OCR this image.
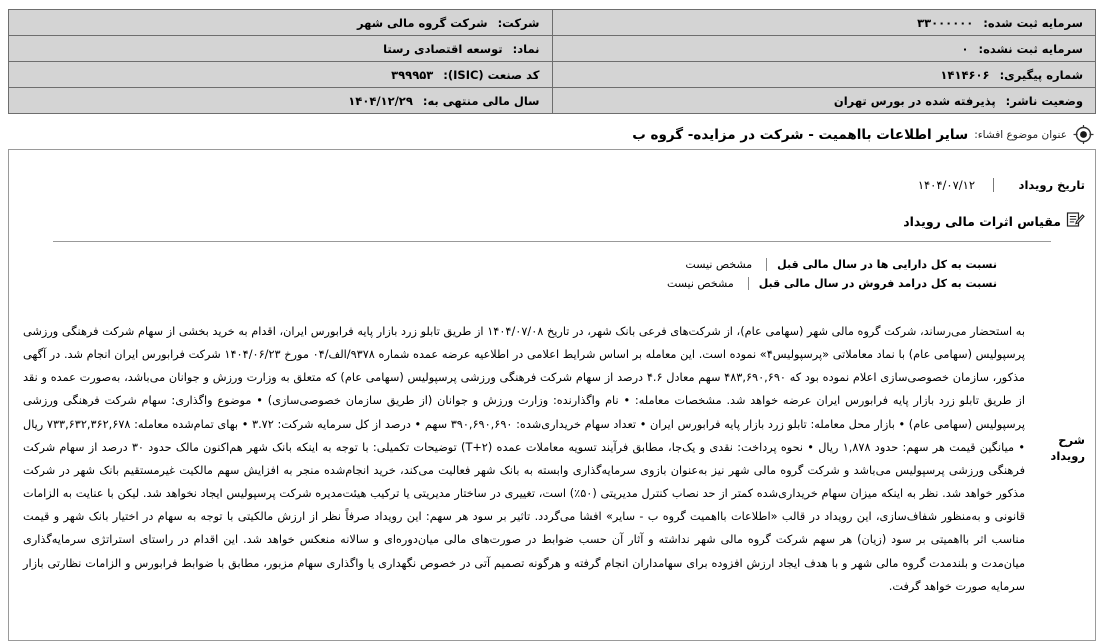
سرمایه ثبت شده: ۳۳۰۰۰۰۰۰	شرکت: شرکت گروه مالی شهر
سرمایه ثبت نشده: ۰	نماد: توسعه اقتصادی رستا
شماره پیگیری: ۱۴۱۴۶۰۶	کد صنعت (ISIC): ۳۹۹۹۵۳
وضعیت ناشر: پذیرفته شده در بورس تهران	سال مالی منتهی به: ۱۴۰۴/۱۲/۲۹
عنوان موضوع افشاء:
سایر اطلاعات بااهمیت - شرکت در مزایده- گروه ب
تاریخ رویداد
۱۴۰۴/۰۷/۱۲
مقیاس اثرات مالی رویداد
نسبت به کل دارایی ها در سال مالی قبل
مشخص نیست
نسبت به کل درامد فروش در سال مالی قبل
مشخص نیست
شرح رویداد

به استحضار می‌رساند، شرکت گروه مالی شهر (سهامی عام)، از شرکت‌های فرعی بانک شهر، در تاریخ ۱۴۰۴/۰۷/۰۸ از طریق تابلو زرد بازار پایه فرابورس ایران، اقدام به خرید بخشی از سهام شرکت فرهنگی ورزشی پرسپولیس (سهامی عام) با نماد معاملاتی «پرسپولیس۴» نموده است. این معامله بر اساس شرایط اعلامی در اطلاعیه عرضه عمده شماره ۹۳۷۸/الف/۰۴ مورخ ۱۴۰۴/۰۶/۲۳ شرکت فرابورس ایران انجام شد. در آگهی مذکور، سازمان خصوصی‌سازی اعلام نموده بود که ۴۸۳,۶۹۰,۶۹۰ سهم معادل ۴.۶ درصد از سهام شرکت فرهنگی ورزشی پرسپولیس (سهامی عام) که متعلق به وزارت ورزش و جوانان می‌باشد، به‌صورت عمده و نقد از طریق تابلو زرد بازار پایه فرابورس ایران عرضه خواهد شد. مشخصات معامله: • نام واگذارنده: وزارت ورزش و جوانان (از طریق سازمان خصوصی‌سازی) • موضوع واگذاری: سهام شرکت فرهنگی ورزشی پرسپولیس (سهامی عام) • بازار محل معامله: تابلو زرد بازار پایه فرابورس ایران • تعداد سهام خریداری‌شده: ۳۹۰,۶۹۰,۶۹۰ سهم • درصد از کل سرمایه شرکت: ۳.۷۲ • بهای تمام‌شده معامله: ۷۳۳,۶۳۲,۳۶۲,۶۷۸ ریال • میانگین قیمت هر سهم: حدود ۱,۸۷۸ ریال • نحوه پرداخت: نقدی و یک‌جا، مطابق فرآیند تسویه معاملات عمده (T+۲) توضیحات تکمیلی: با توجه به اینکه بانک شهر هم‌اکنون مالک حدود ۳۰ درصد از سهام شرکت فرهنگی ورزشی پرسپولیس می‌باشد و شرکت گروه مالی شهر نیز به‌عنوان بازوی سرمایه‌گذاری وابسته به بانک شهر فعالیت می‌کند، خرید انجام‌شده منجر به افزایش سهم مالکیت غیرمستقیم بانک شهر در شرکت مذکور خواهد شد. نظر به اینکه میزان سهام خریداری‌شده کمتر از حد نصاب کنترل مدیریتی (۵۰٪) است، تغییری در ساختار مدیریتی یا ترکیب هیئت‌مدیره شرکت پرسپولیس ایجاد نخواهد شد. لیکن با عنایت به الزامات قانونی و به‌منظور شفاف‌سازی، این رویداد در قالب «اطلاعات بااهمیت گروه ب - سایر» افشا می‌گردد. تاثیر بر سود هر سهم: این رویداد صرفاً نظر از ارزش مالکیتی با توجه به سهام در اختیار بانک شهر و قیمت مناسب اثر بااهمیتی بر سود (زیان) هر سهم شرکت گروه مالی شهر نداشته و آثار آن حسب ضوابط در صورت‌های مالی میان‌دوره‌ای و سالانه منعکس خواهد شد. این اقدام در راستای استراتژی سرمایه‌گذاری میان‌مدت و بلندمدت گروه مالی شهر و با هدف ایجاد ارزش افزوده برای سهامداران انجام گرفته و هرگونه تصمیم آتی در خصوص نگهداری یا واگذاری سهام مزبور، مطابق با ضوابط فرابورس و الزامات نظارتی بازار سرمایه صورت خواهد گرفت.
